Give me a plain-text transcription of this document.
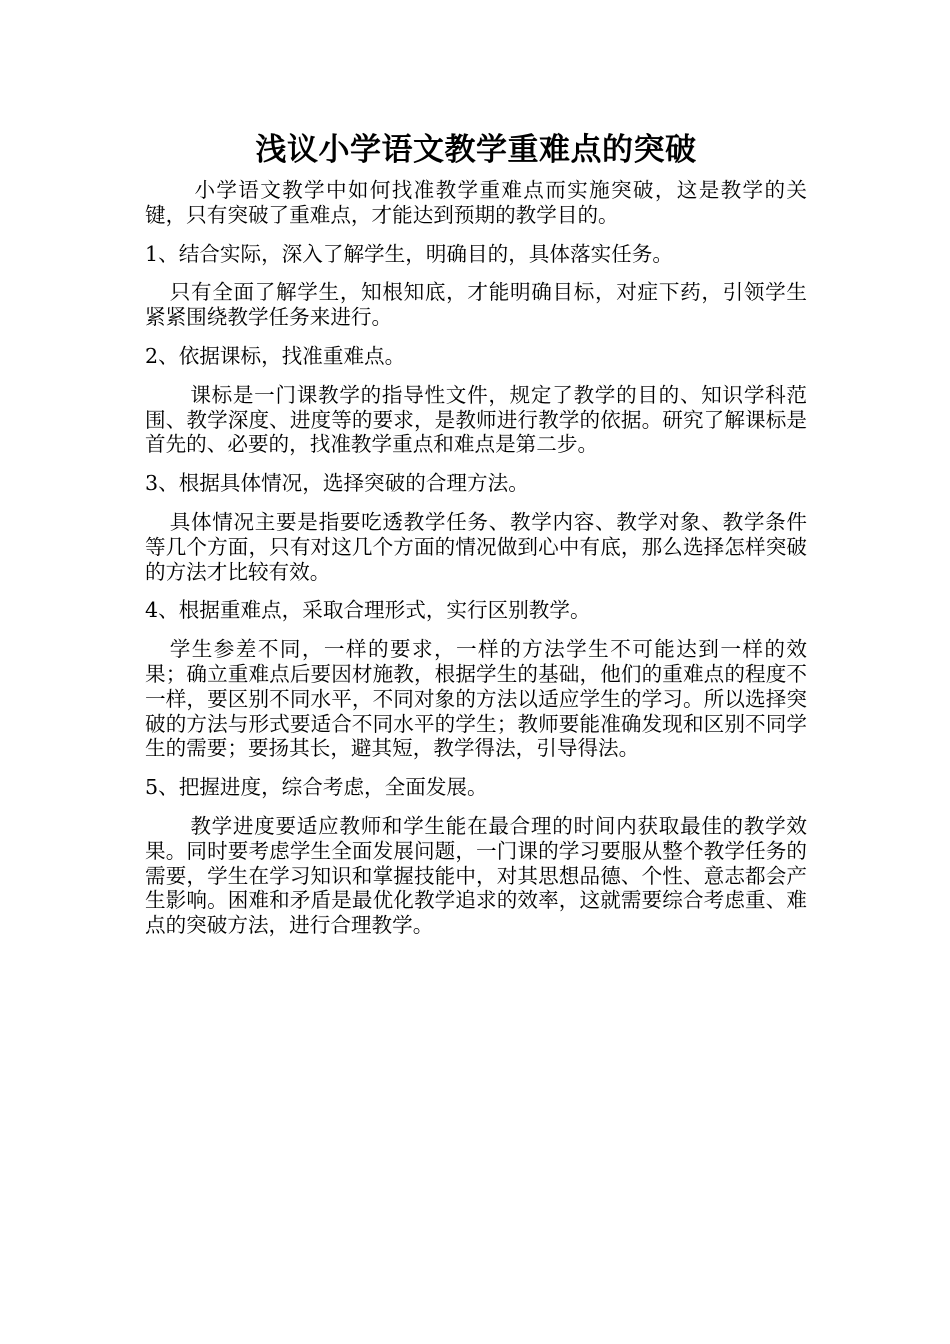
浅议小学语文教学重难点的突破

小学语文教学中如何找准教学重难点而实施突破，这是教学的关键，只有突破了重难点，才能达到预期的教学目的。

1、结合实际，深入了解学生，明确目的，具体落实任务。

只有全面了解学生，知根知底，才能明确目标，对症下药，引领学生紧紧围绕教学任务来进行。

2、依据课标，找准重难点。

课标是一门课教学的指导性文件，规定了教学的目的、知识学科范围、教学深度、进度等的要求，是教师进行教学的依据。研究了解课标是首先的、必要的，找准教学重点和难点是第二步。

3、根据具体情况，选择突破的合理方法。

具体情况主要是指要吃透教学任务、教学内容、教学对象、教学条件等几个方面，只有对这几个方面的情况做到心中有底，那么选择怎样突破的方法才比较有效。

4、根据重难点，采取合理形式，实行区别教学。

学生参差不同，一样的要求，一样的方法学生不可能达到一样的效果；确立重难点后要因材施教，根据学生的基础，他们的重难点的程度不一样，要区别不同水平，不同对象的方法以适应学生的学习。所以选择突破的方法与形式要适合不同水平的学生；教师要能准确发现和区别不同学生的需要；要扬其长，避其短，教学得法，引导得法。

5、把握进度，综合考虑，全面发展。

教学进度要适应教师和学生能在最合理的时间内获取最佳的教学效果。同时要考虑学生全面发展问题，一门课的学习要服从整个教学任务的需要，学生在学习知识和掌握技能中，对其思想品德、个性、意志都会产生影响。困难和矛盾是最优化教学追求的效率，这就需要综合考虑重、难点的突破方法，进行合理教学。
